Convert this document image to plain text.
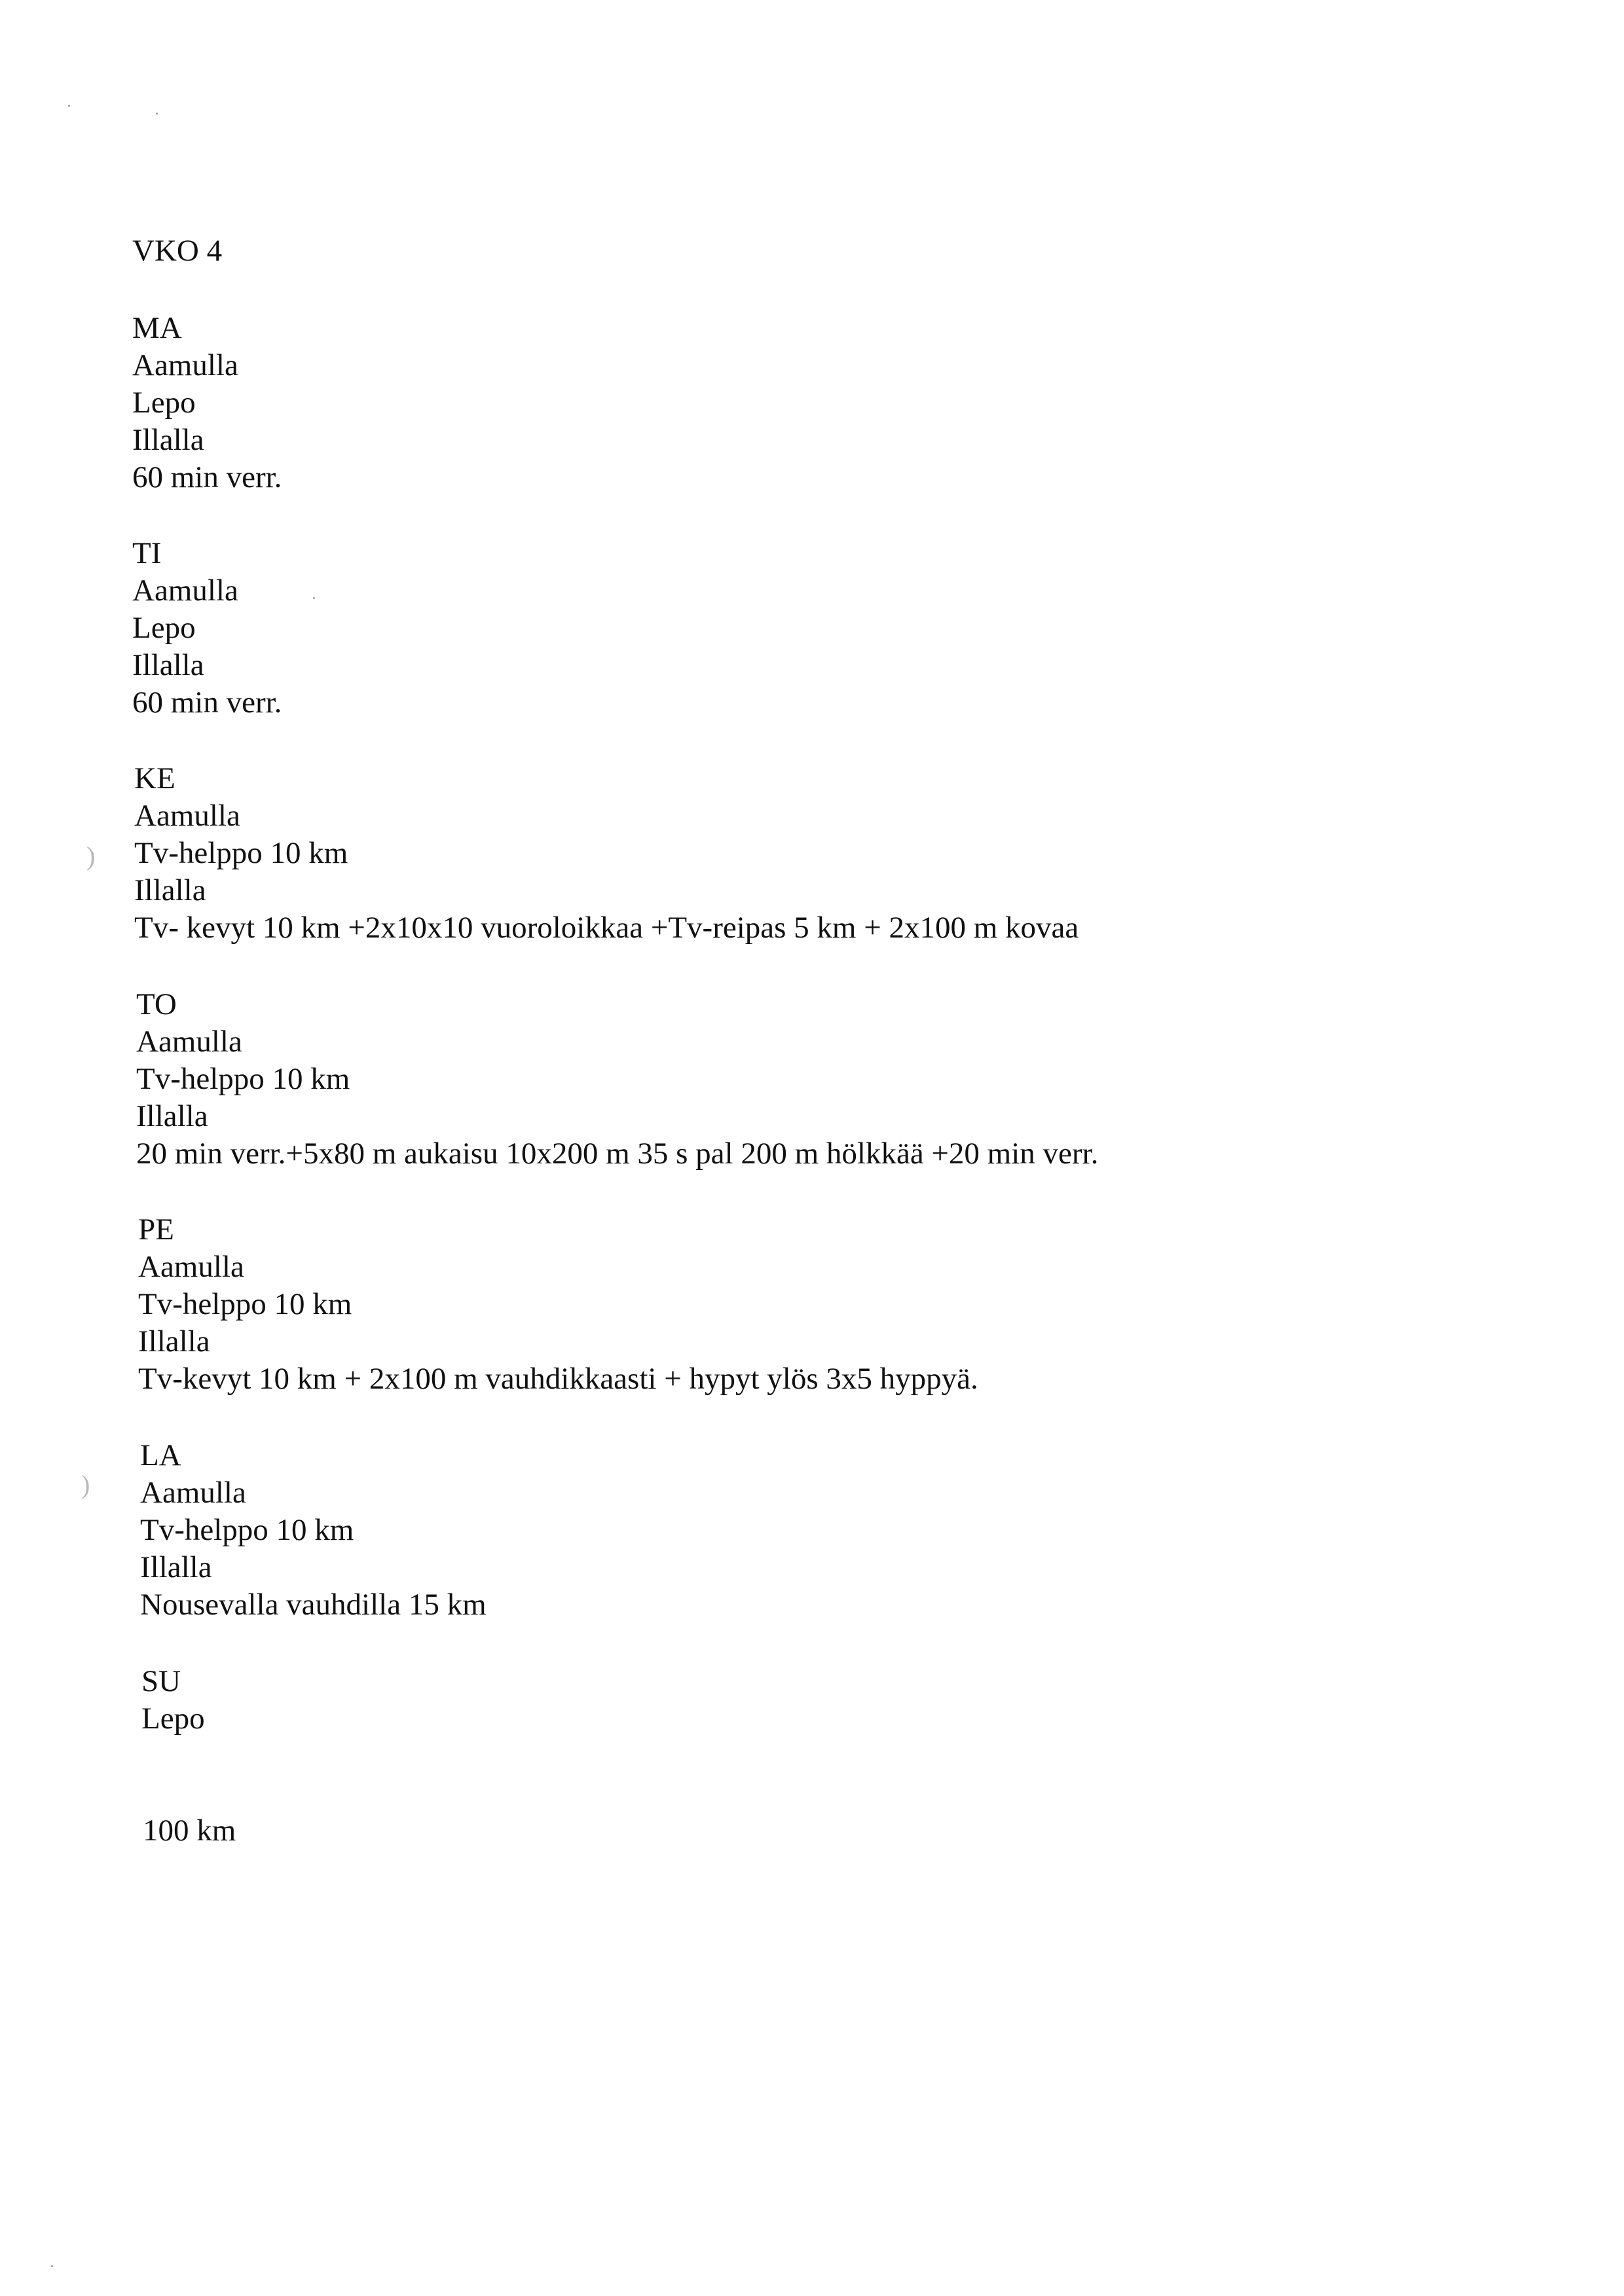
)
)
VKO 4
MA
Aamulla
Lepo
Illalla
60 min verr.
TI
Aamulla
Lepo
Illalla
60 min verr.
KE
Aamulla
Tv-helppo 10 km
Illalla
Tv- kevyt 10 km +2x10x10 vuoroloikkaa +Tv-reipas 5 km + 2x100 m kovaa
TO
Aamulla
Tv-helppo 10 km
Illalla
20 min verr.+5x80 m aukaisu 10x200 m 35 s pal 200 m hölkkää +20 min verr.
PE
Aamulla
Tv-helppo 10 km
Illalla
Tv-kevyt 10 km + 2x100 m vauhdikkaasti + hypyt ylös 3x5 hyppyä.
LA
Aamulla
Tv-helppo 10 km
Illalla
Nousevalla vauhdilla 15 km
SU
Lepo
100 km
